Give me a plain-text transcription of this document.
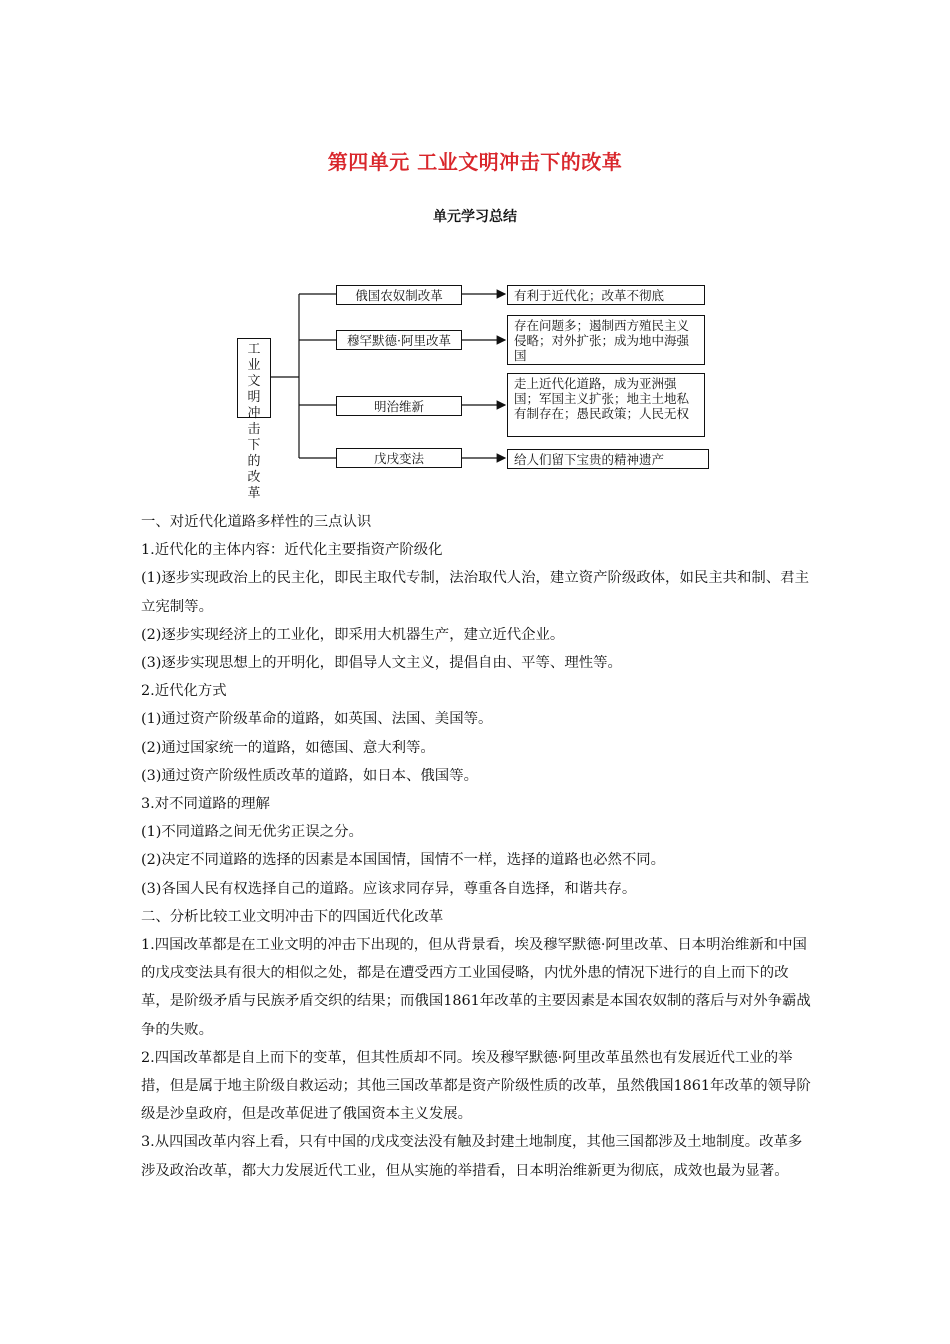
第四单元 工业文明冲击下的改革
单元学习总结
工业文明冲击下的改革
俄国农奴制改革
穆罕默德·阿里改革
明治维新
戊戌变法
有利于近代化；改革不彻底
存在问题多；遏制西方殖民主义侵略；对外扩张；成为地中海强国
走上近代化道路，成为亚洲强国；军国主义扩张；地主土地私有制存在；愚民政策；人民无权
给人们留下宝贵的精神遗产

一、对近代化道路多样性的三点认识

1.近代化的主体内容：近代化主要指资产阶级化

(1)逐步实现政治上的民主化，即民主取代专制，法治取代人治，建立资产阶级政体，如民主共和制、君主立宪制等。

(2)逐步实现经济上的工业化，即采用大机器生产，建立近代企业。

(3)逐步实现思想上的开明化，即倡导人文主义，提倡自由、平等、理性等。

2.近代化方式

(1)通过资产阶级革命的道路，如英国、法国、美国等。

(2)通过国家统一的道路，如德国、意大利等。

(3)通过资产阶级性质改革的道路，如日本、俄国等。

3.对不同道路的理解

(1)不同道路之间无优劣正误之分。

(2)决定不同道路的选择的因素是本国国情，国情不一样，选择的道路也必然不同。

(3)各国人民有权选择自己的道路。应该求同存异，尊重各自选择，和谐共存。

二、分析比较工业文明冲击下的四国近代化改革

1.四国改革都是在工业文明的冲击下出现的，但从背景看，埃及穆罕默德·阿里改革、日本明治维新和中国的戊戌变法具有很大的相似之处，都是在遭受西方工业国侵略，内忧外患的情况下进行的自上而下的改革，是阶级矛盾与民族矛盾交织的结果；而俄国1861年改革的主要因素是本国农奴制的落后与对外争霸战争的失败。

2.四国改革都是自上而下的变革，但其性质却不同。埃及穆罕默德·阿里改革虽然也有发展近代工业的举措，但是属于地主阶级自救运动；其他三国改革都是资产阶级性质的改革，虽然俄国1861年改革的领导阶级是沙皇政府，但是改革促进了俄国资本主义发展。

3.从四国改革内容上看，只有中国的戊戌变法没有触及封建土地制度，其他三国都涉及土地制度。改革多涉及政治改革，都大力发展近代工业，但从实施的举措看，日本明治维新更为彻底，成效也最为显著。
